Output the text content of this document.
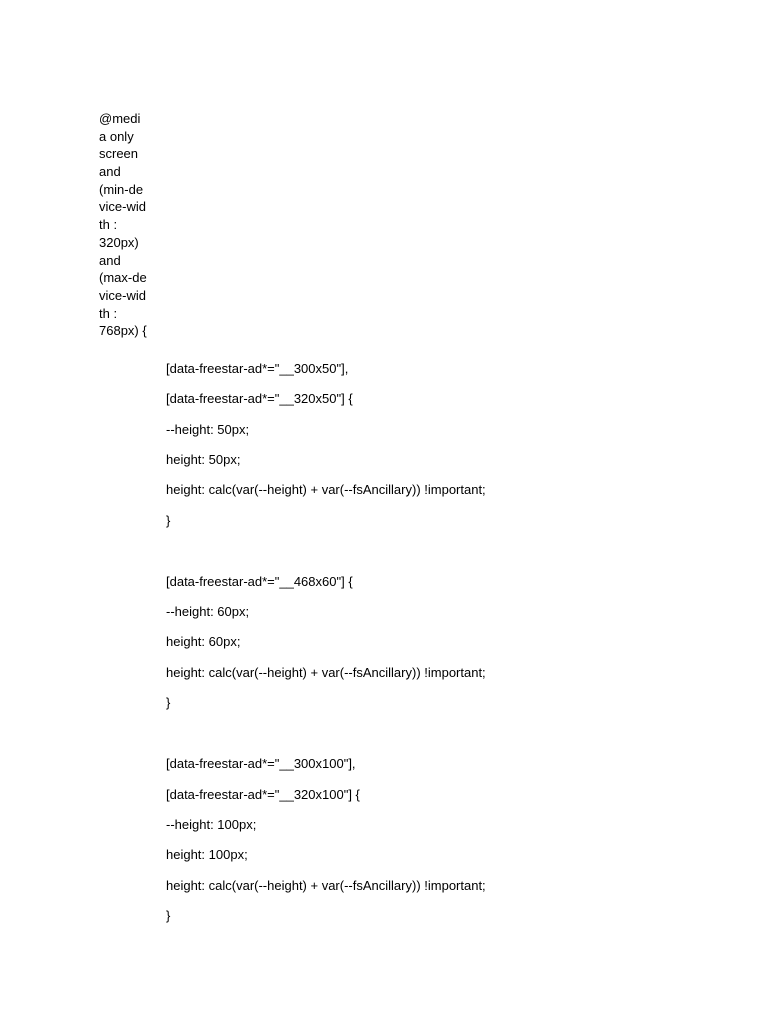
@medi
a only
screen
and
(min-de
vice-wid
th :
320px)
and
(max-de
vice-wid
th :
768px) {

[data-freestar-ad*="__300x50"],

[data-freestar-ad*="__320x50"] {

--height: 50px;

height: 50px;

height: calc(var(--height) + var(--fsAncillary)) !important;

}

[data-freestar-ad*="__468x60"] {

--height: 60px;

height: 60px;

height: calc(var(--height) + var(--fsAncillary)) !important;

}

[data-freestar-ad*="__300x100"],

[data-freestar-ad*="__320x100"] {

--height: 100px;

height: 100px;

height: calc(var(--height) + var(--fsAncillary)) !important;

}
